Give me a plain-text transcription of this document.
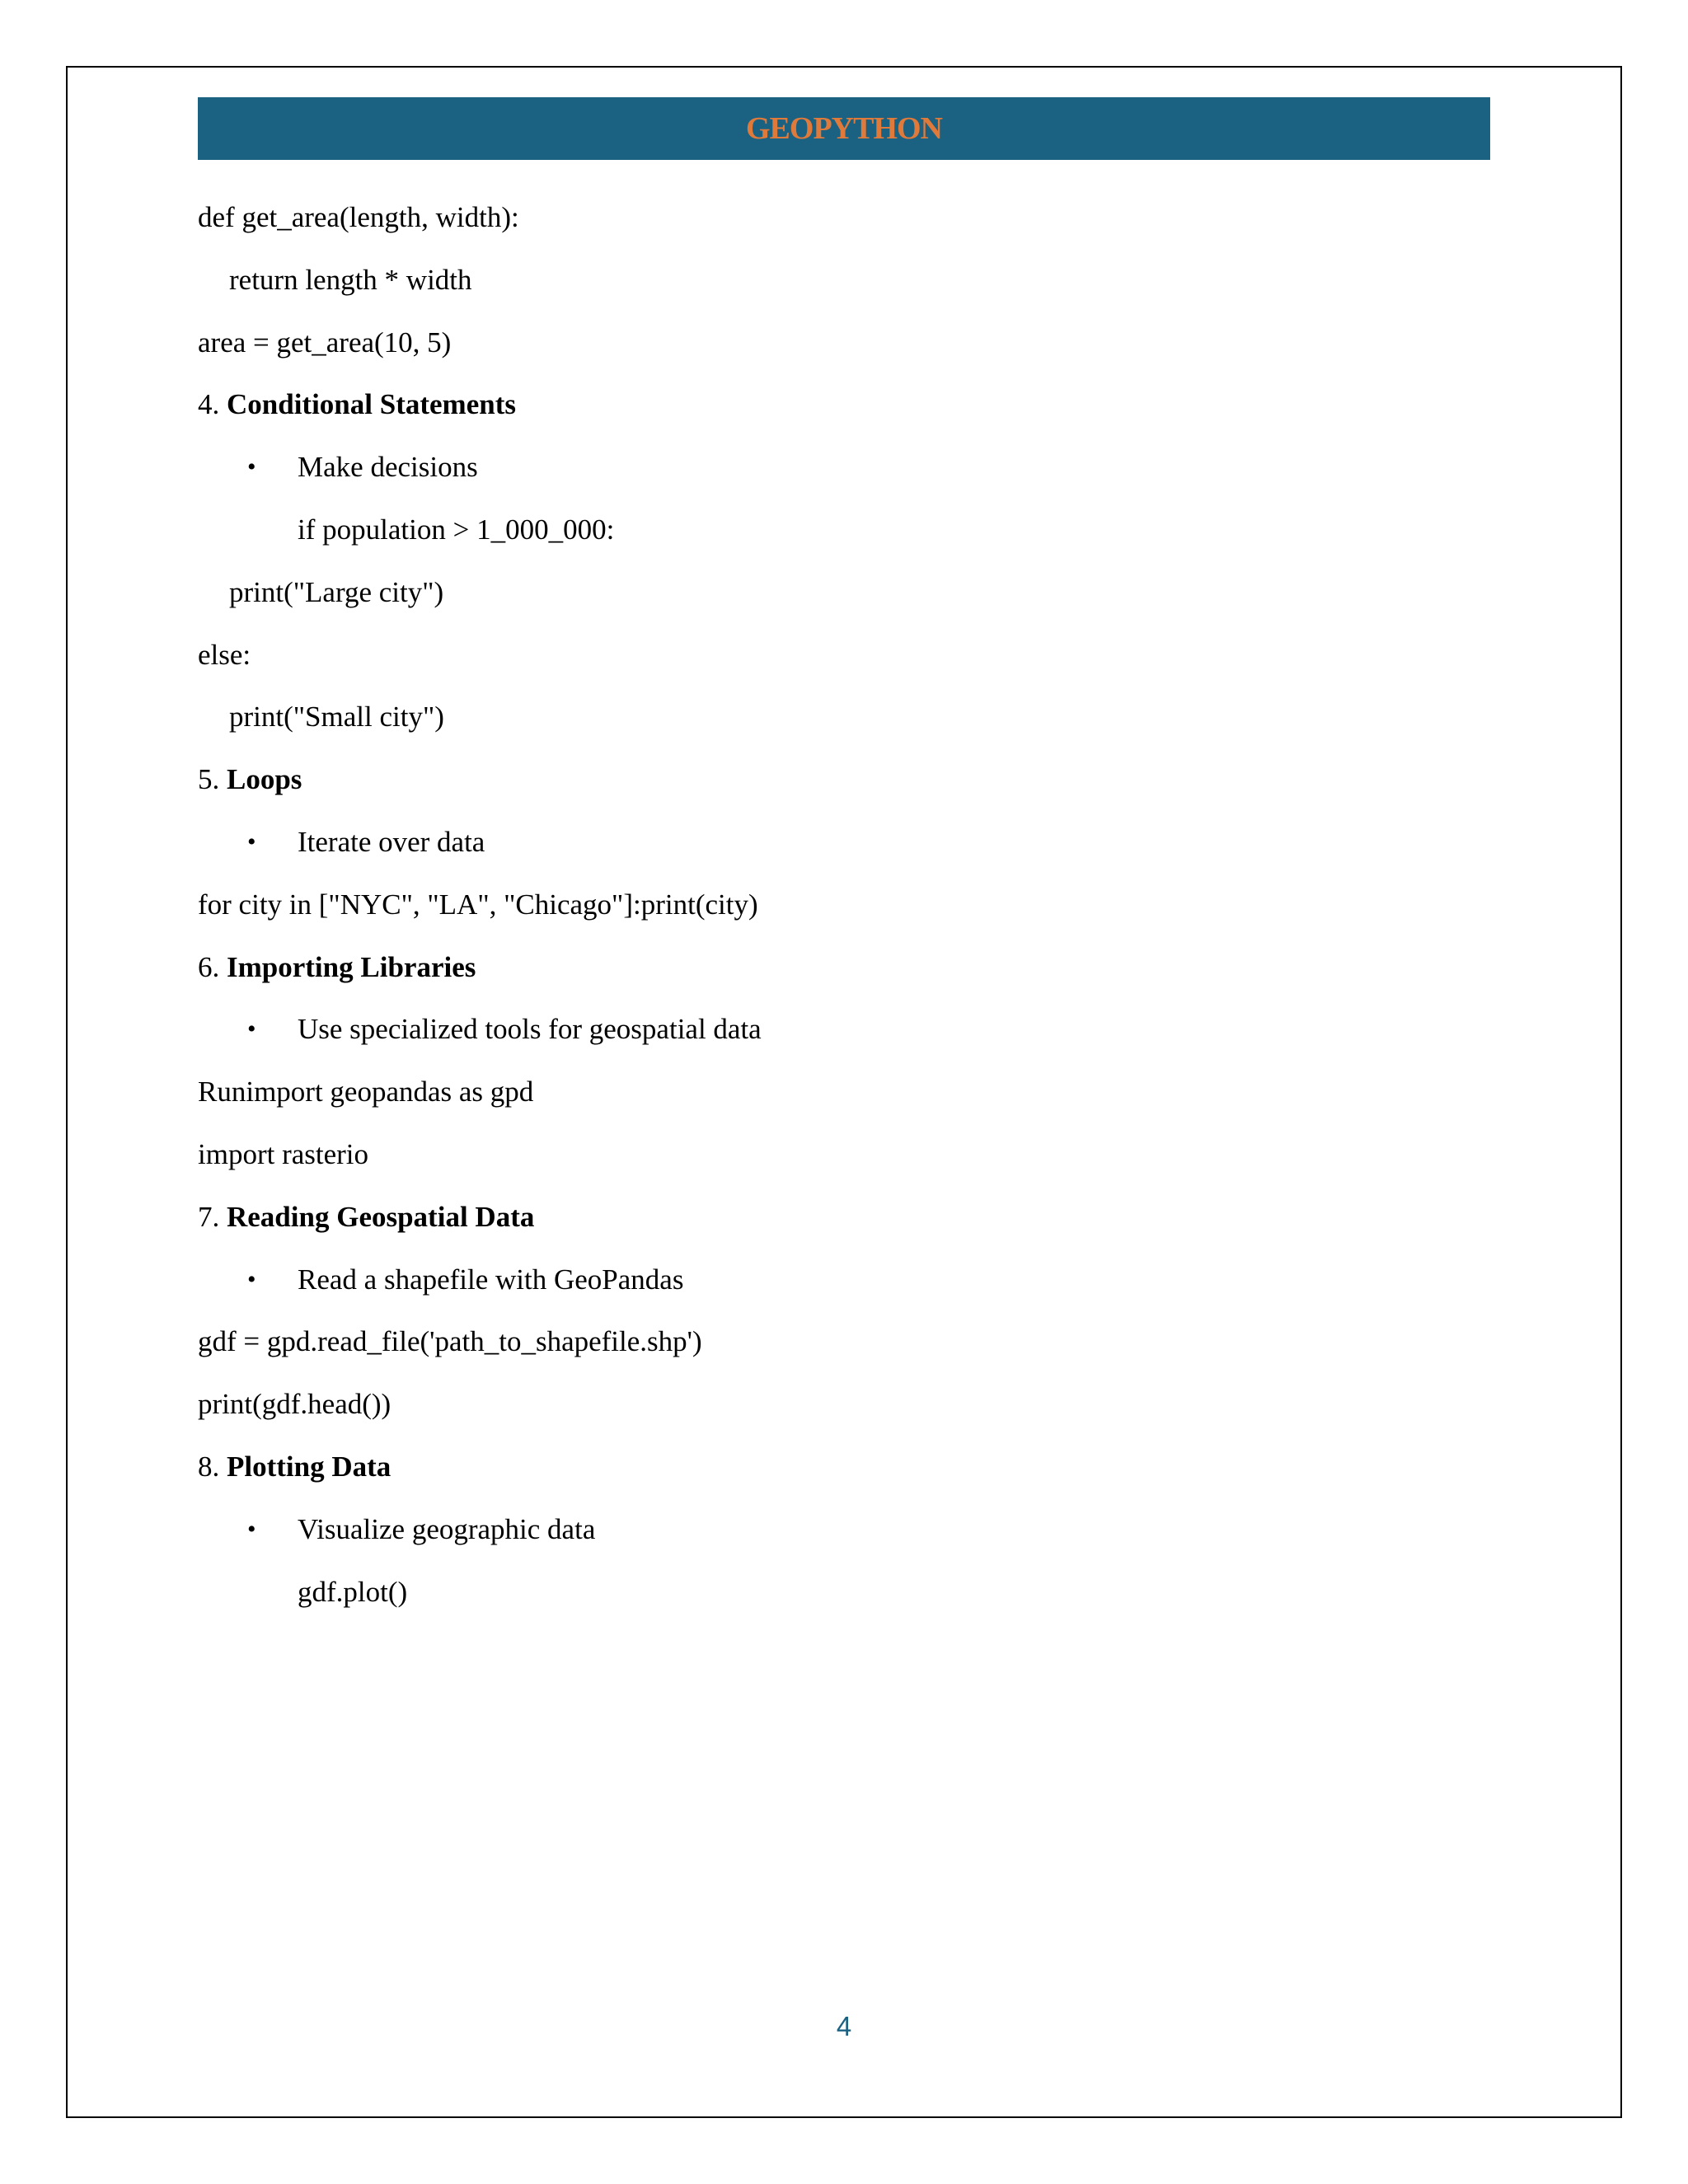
GEOPYTHON
def get_area(length, width):
return length * width
area = get_area(10, 5)
4. Conditional Statements
• Make decisions
if population > 1_000_000:
print("Large city")
else:
print("Small city")
5. Loops
• Iterate over data
for city in ["NYC", "LA", "Chicago"]:print(city)
6. Importing Libraries
• Use specialized tools for geospatial data
Runimport geopandas as gpd
import rasterio
7. Reading Geospatial Data
• Read a shapefile with GeoPandas
gdf = gpd.read_file('path_to_shapefile.shp')
print(gdf.head())
8. Plotting Data
• Visualize geographic data
gdf.plot()
4
